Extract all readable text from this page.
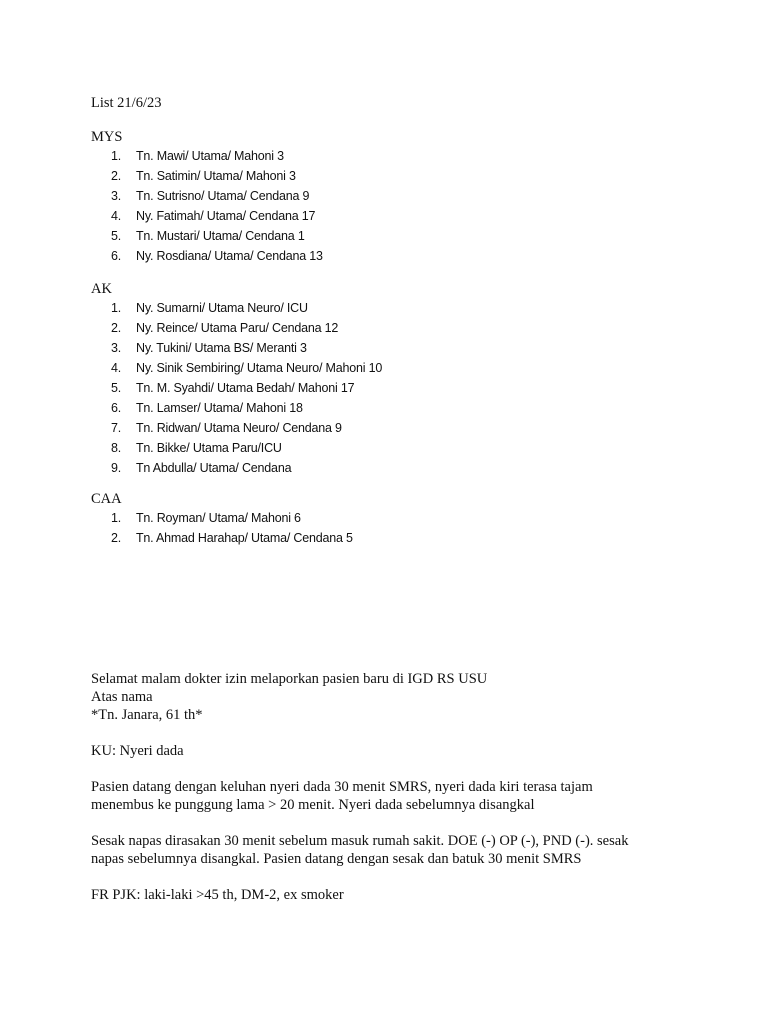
List 21/6/23
MYS
1. Tn. Mawi/ Utama/ Mahoni 3
2. Tn. Satimin/ Utama/ Mahoni 3
3. Tn. Sutrisno/ Utama/ Cendana 9
4. Ny. Fatimah/ Utama/ Cendana 17
5. Tn. Mustari/ Utama/ Cendana 1
6. Ny. Rosdiana/ Utama/ Cendana 13
AK
1. Ny. Sumarni/ Utama Neuro/ ICU
2. Ny. Reince/ Utama Paru/ Cendana 12
3. Ny. Tukini/ Utama BS/ Meranti 3
4. Ny. Sinik Sembiring/ Utama Neuro/ Mahoni 10
5. Tn. M. Syahdi/ Utama Bedah/ Mahoni 17
6. Tn. Lamser/ Utama/ Mahoni 18
7. Tn. Ridwan/ Utama Neuro/ Cendana 9
8. Tn. Bikke/ Utama Paru/ICU
9. Tn Abdulla/ Utama/ Cendana
CAA
1. Tn. Royman/ Utama/ Mahoni 6
2. Tn. Ahmad Harahap/ Utama/ Cendana 5

Selamat malam dokter izin melaporkan pasien baru di IGD RS USU

Atas nama

*Tn. Janara, 61 th*

KU: Nyeri dada

Pasien datang dengan keluhan nyeri dada 30 menit SMRS, nyeri dada kiri terasa tajam

menembus ke punggung lama > 20 menit. Nyeri dada sebelumnya disangkal

Sesak napas dirasakan 30 menit sebelum masuk rumah sakit. DOE (-) OP (-), PND (-). sesak

napas sebelumnya disangkal. Pasien datang dengan sesak dan batuk 30 menit SMRS

FR PJK: laki-laki >45 th, DM-2, ex smoker
